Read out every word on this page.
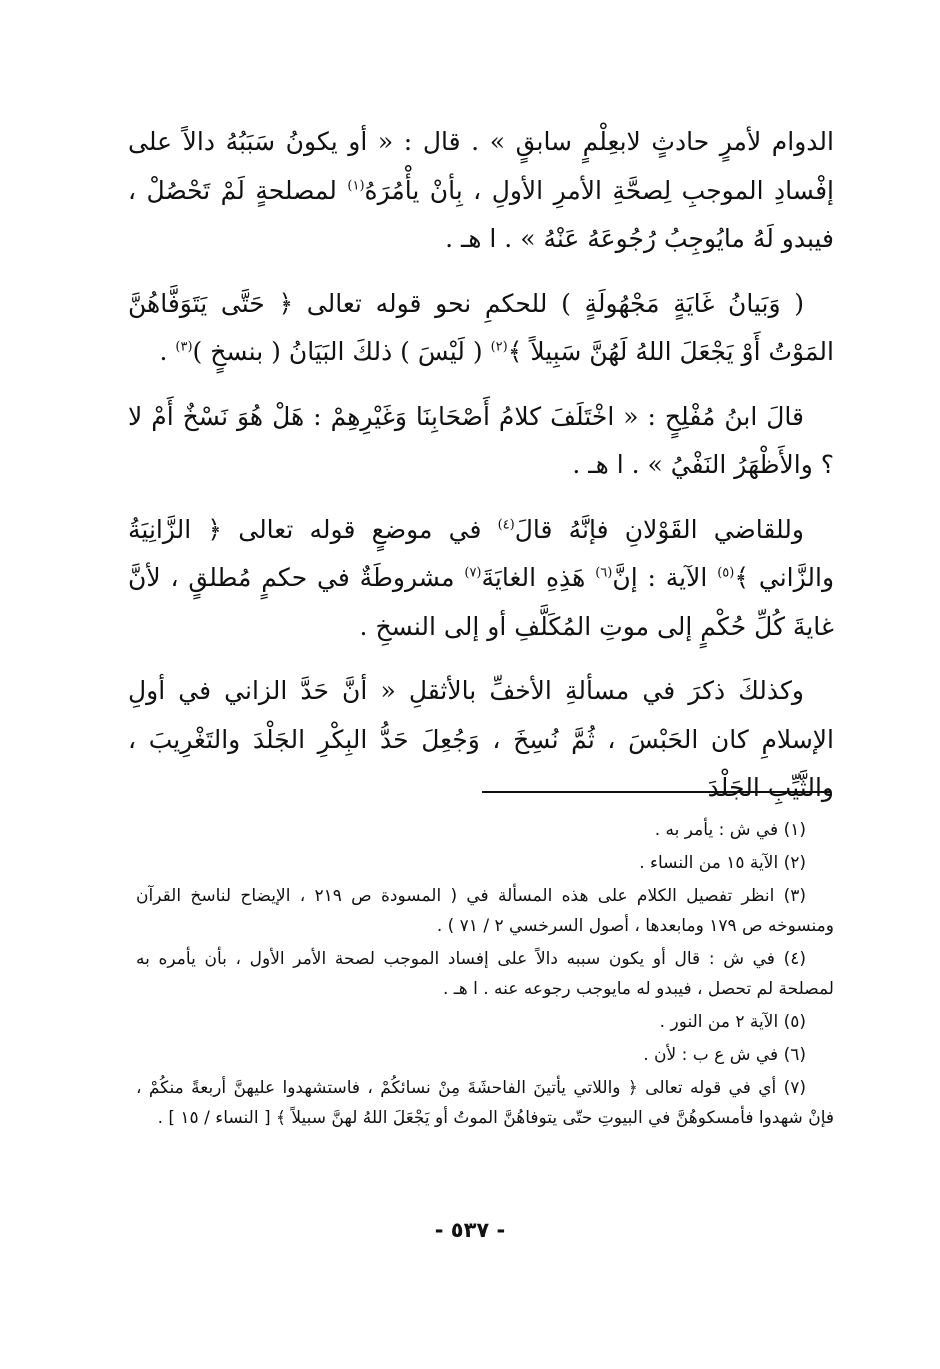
الدوام لأمرٍ حادثٍ لابعِلْمٍ سابقٍ » . قال : « أو يكونُ سَبَبُهُ دالاً على إفْسادِ الموجبِ لِصحَّةِ الأمرِ الأولِ ، بِأنْ يأْمُرَهُ$^{(١)}$ لمصلحةٍ لَمْ تَحْصُلْ ، فيبدو لَهُ مايُوجِبُ رُجُوعَهُ عَنْهُ » . ا هـ .

( وَبَيانُ غَايَةٍ مَجْهُولَةٍ ) للحكمِ نحو قوله تعالى ﴿ حَتَّى يَتَوَفَّاهُنَّ المَوْتُ أَوْ يَجْعَلَ اللهُ لَهُنَّ سَبِيلاً ﴾$^{(٢)}$ ( لَيْسَ ) ذلكَ البَيَانُ ( بنسخٍ )$^{(٣)}$ .

قالَ ابنُ مُفْلِحٍ : « اخْتَلَفَ كلامُ أَصْحَابِنَا وَغَيْرِهِمْ : هَلْ هُوَ نَسْخٌ أَمْ لا ؟ والأَظْهَرُ النَفْيُ » . ا هـ .

وللقاضي القَوْلانِ فإنَّهُ قالَ$^{(٤)}$ في موضعٍ قوله تعالى ﴿ الزَّانِيَةُ والزَّاني ﴾$^{(٥)}$ الآية : إنَّ$^{(٦)}$ هَذِهِ الغايَةَ$^{(٧)}$ مشروطَةٌ في حكمٍ مُطلقٍ ، لأنَّ غايةَ كُلِّ حُكْمٍ إلى موتِ المُكَلَّفِ أو إلى النسخِ .

وكذلكَ ذكرَ في مسألةِ الأخفِّ بالأثقلِ « أنَّ حَدَّ الزاني في أولِ الإسلامِ كان الحَبْسَ ، ثُمَّ نُسِخَ ، وَجُعِلَ حَدُّ البِكْرِ الجَلْدَ والتَغْرِيبَ ، والثَّيِّبِ الجَلْدَ

(١) في ش : يأمر به .

(٢) الآية ١٥ من النساء .

(٣) انظر تفصيل الكلام على هذه المسألة في ( المسودة ص ٢١٩ ، الإيضاح لناسخ القرآن ومنسوخه ص ١٧٩ ومابعدها ، أصول السرخسي ٢ / ٧١ ) .

(٤) في ش : قال أو يكون سببه دالاً على إفساد الموجب لصحة الأمر الأول ، بأن يأمره به لمصلحة لم تحصل ، فيبدو له مايوجب رجوعه عنه . ا هـ .

(٥) الآية ٢ من النور .

(٦) في ش ع ب : لأن .

(٧) أي في قوله تعالى ﴿ واللاتي يأتينَ الفاحشَةَ مِنْ نسائكُمْ ، فاستشهدوا عليهنَّ أربعةً منكُمْ ، فإنْ شهدوا فأمسكوهُنَّ في البيوتِ حتّى يتوفاهُنَّ الموتُ أو يَجْعَلَ اللهُ لهنَّ سبيلاً ﴾ [ النساء / ١٥ ] .

- ٥٣٧ -
